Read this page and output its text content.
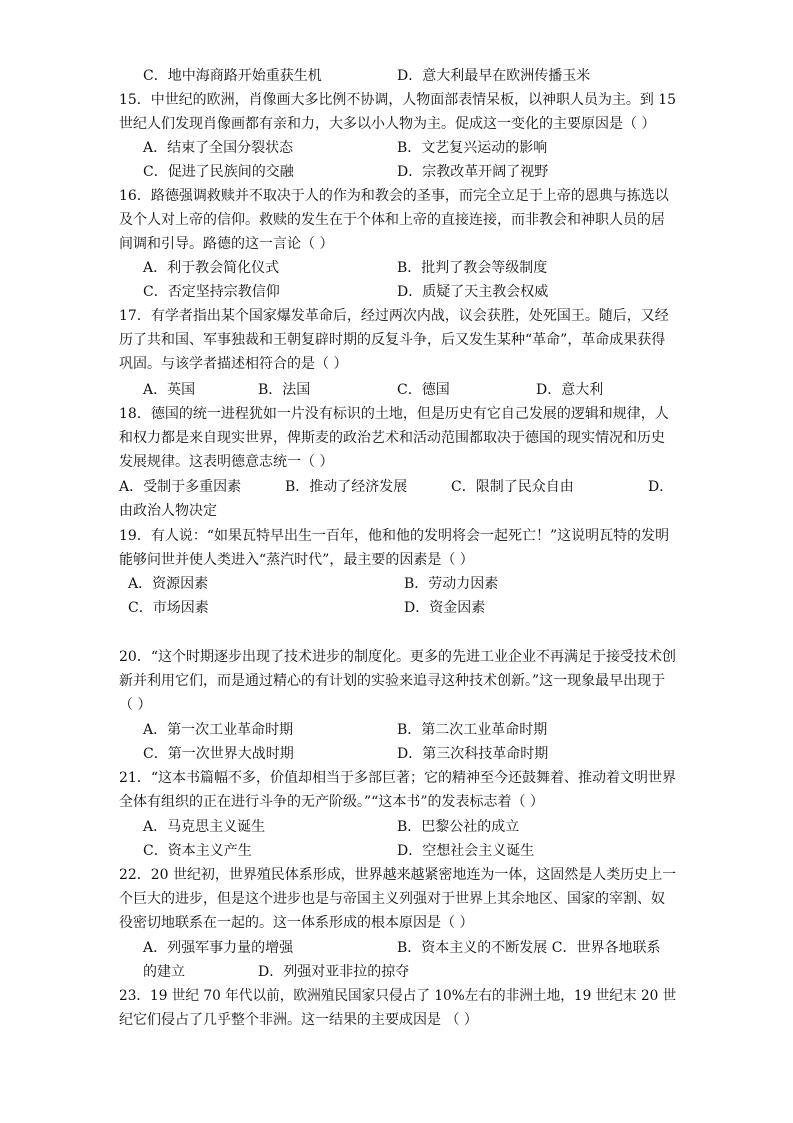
C．地中海商路开始重获生机	D．意大利最早在欧洲传播玉米
15．中世纪的欧洲，肖像画大多比例不协调，人物面部表情呆板，以神职人员为主。到 15
世纪人们发现肖像画都有亲和力，大多以小人物为主。促成这一变化的主要原因是（ ）
A．结束了全国分裂状态	B．文艺复兴运动的影响
C．促进了民族间的交融	D．宗教改革开阔了视野
16．路德强调救赎并不取决于人的作为和教会的圣事，而完全立足于上帝的恩典与拣选以
及个人对上帝的信仰。救赎的发生在于个体和上帝的直接连接，而非教会和神职人员的居
间调和引导。路德的这一言论（ ）
A．利于教会简化仪式	B．批判了教会等级制度
C．否定坚持宗教信仰	D．质疑了天主教会权威
17．有学者指出某个国家爆发革命后，经过两次内战，议会获胜，处死国王。随后，又经
历了共和国、军事独裁和王朝复辟时期的反复斗争，后又发生某种“革命”，革命成果获得
巩固。与该学者描述相符合的是（ ）
A．英国	B．法国	C．德国	D．意大利
18．德国的统一进程犹如一片没有标识的土地，但是历史有它自己发展的逻辑和规律，人
和权力都是来自现实世界，俾斯麦的政治艺术和活动范围都取决于德国的现实情况和历史
发展规律。这表明德意志统一（ ）
A．受制于多重因素	B．推动了经济发展	C．限制了民众自由	D．
由政治人物决定
19．有人说：“如果瓦特早出生一百年，他和他的发明将会一起死亡！”这说明瓦特的发明
能够问世并使人类进入“蒸汽时代”，最主要的因素是（ ）
A．资源因素	B．劳动力因素
C．市场因素	D．资金因素
20．“这个时期逐步出现了技术进步的制度化。更多的先进工业企业不再满足于接受技术创
新并利用它们，而是通过精心的有计划的实验来追寻这种技术创新。”这一现象最早出现于
（ ）
A．第一次工业革命时期	B．第二次工业革命时期
C．第一次世界大战时期	D．第三次科技革命时期
21．“这本书篇幅不多，价值却相当于多部巨著；它的精神至今还鼓舞着、推动着文明世界
全体有组织的正在进行斗争的无产阶级。”“这本书”的发表标志着（ ）
A．马克思主义诞生	B．巴黎公社的成立
C．资本主义产生	D．空想社会主义诞生
22．20 世纪初，世界殖民体系形成，世界越来越紧密地连为一体，这固然是人类历史上一
个巨大的进步，但是这个进步也是与帝国主义列强对于世界上其余地区、国家的宰割、奴
役密切地联系在一起的。这一体系形成的根本原因是（ ）
A．列强军事力量的增强	B．资本主义的不断发展 C．世界各地联系
的建立	D．列强对亚非拉的掠夺
23．19 世纪 70 年代以前，欧洲殖民国家只侵占了 10%左右的非洲土地，19 世纪末 20 世
纪它们侵占了几乎整个非洲。这一结果的主要成因是 （ ）
